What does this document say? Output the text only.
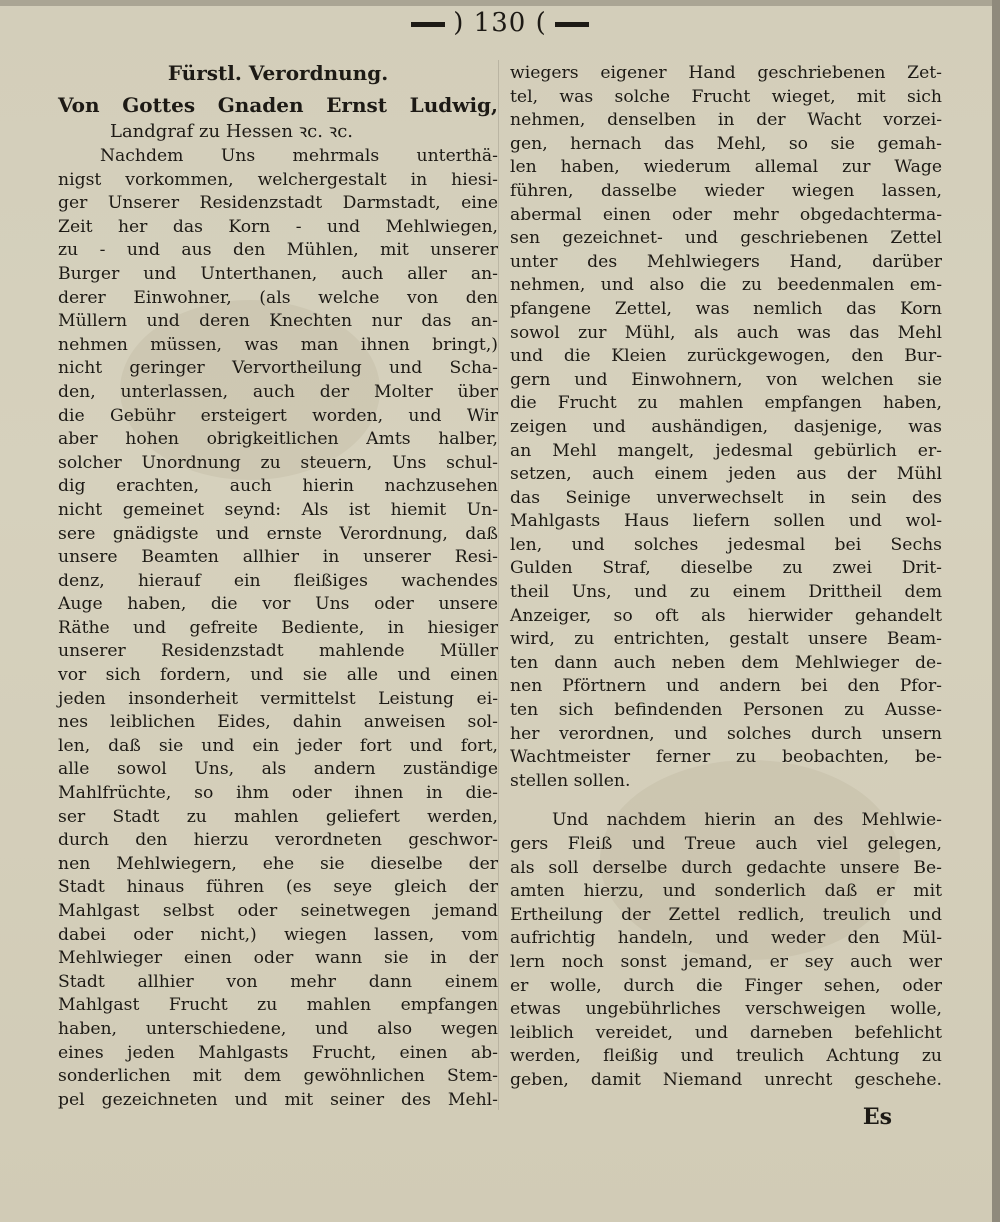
) 130 (
Fürstl. Verordnung.
Von Gottes Gnaden Ernst Ludwig,
Landgraf zu Hessen ꝛc. ꝛc.
Nachdem Uns mehrmals unterthä-
nigst vorkommen, welchergestalt in hiesi-
ger Unserer Residenzstadt Darmstadt, eine
Zeit her das Korn - und Mehlwiegen,
zu - und aus den Mühlen, mit unserer
Burger und Unterthanen, auch aller an-
derer Einwohner, (als welche von den
Müllern und deren Knechten nur das an-
nehmen müssen, was man ihnen bringt,)
nicht geringer Vervortheilung und Scha-
den, unterlassen, auch der Molter über
die Gebühr ersteigert worden, und Wir
aber hohen obrigkeitlichen Amts halber,
solcher Unordnung zu steuern, Uns schul-
dig erachten, auch hierin nachzusehen
nicht gemeinet seynd: Als ist hiemit Un-
sere gnädigste und ernste Verordnung, daß
unsere Beamten allhier in unserer Resi-
denz, hierauf ein fleißiges wachendes
Auge haben, die vor Uns oder unsere
Räthe und gefreite Bediente, in hiesiger
unserer Residenzstadt mahlende Müller
vor sich fordern, und sie alle und einen
jeden insonderheit vermittelst Leistung ei-
nes leiblichen Eides, dahin anweisen sol-
len, daß sie und ein jeder fort und fort,
alle sowol Uns, als andern zuständige
Mahlfrüchte, so ihm oder ihnen in die-
ser Stadt zu mahlen geliefert werden,
durch den hierzu verordneten geschwor-
nen Mehlwiegern, ehe sie dieselbe der
Stadt hinaus führen (es seye gleich der
Mahlgast selbst oder seinetwegen jemand
dabei oder nicht,) wiegen lassen, vom
Mehlwieger einen oder wann sie in der
Stadt allhier von mehr dann einem
Mahlgast Frucht zu mahlen empfangen
haben, unterschiedene, und also wegen
eines jeden Mahlgasts Frucht, einen ab-
sonderlichen mit dem gewöhnlichen Stem-
pel gezeichneten und mit seiner des Mehl-
wiegers eigener Hand geschriebenen Zet-
tel, was solche Frucht wieget, mit sich
nehmen, denselben in der Wacht vorzei-
gen, hernach das Mehl, so sie gemah-
len haben, wiederum allemal zur Wage
führen, dasselbe wieder wiegen lassen,
abermal einen oder mehr obgedachterma-
sen gezeichnet- und geschriebenen Zettel
unter des Mehlwiegers Hand, darüber
nehmen, und also die zu beedenmalen em-
pfangene Zettel, was nemlich das Korn
sowol zur Mühl, als auch was das Mehl
und die Kleien zurückgewogen, den Bur-
gern und Einwohnern, von welchen sie
die Frucht zu mahlen empfangen haben,
zeigen und aushändigen, dasjenige, was
an Mehl mangelt, jedesmal gebürlich er-
setzen, auch einem jeden aus der Mühl
das Seinige unverwechselt in sein des
Mahlgasts Haus liefern sollen und wol-
len, und solches jedesmal bei Sechs
Gulden Straf, dieselbe zu zwei Drit-
theil Uns, und zu einem Drittheil dem
Anzeiger, so oft als hierwider gehandelt
wird, zu entrichten, gestalt unsere Beam-
ten dann auch neben dem Mehlwieger de-
nen Pförtnern und andern bei den Pfor-
ten sich befindenden Personen zu Ausse-
her verordnen, und solches durch unsern
Wachtmeister ferner zu beobachten, be-
stellen sollen.
Und nachdem hierin an des Mehlwie-
gers Fleiß und Treue auch viel gelegen,
als soll derselbe durch gedachte unsere Be-
amten hierzu, und sonderlich daß er mit
Ertheilung der Zettel redlich, treulich und
aufrichtig handeln, und weder den Mül-
lern noch sonst jemand, er sey auch wer
er wolle, durch die Finger sehen, oder
etwas ungebührliches verschweigen wolle,
leiblich vereidet, und darneben befehlicht
werden, fleißig und treulich Achtung zu
geben, damit Niemand unrecht geschehe.
Es
